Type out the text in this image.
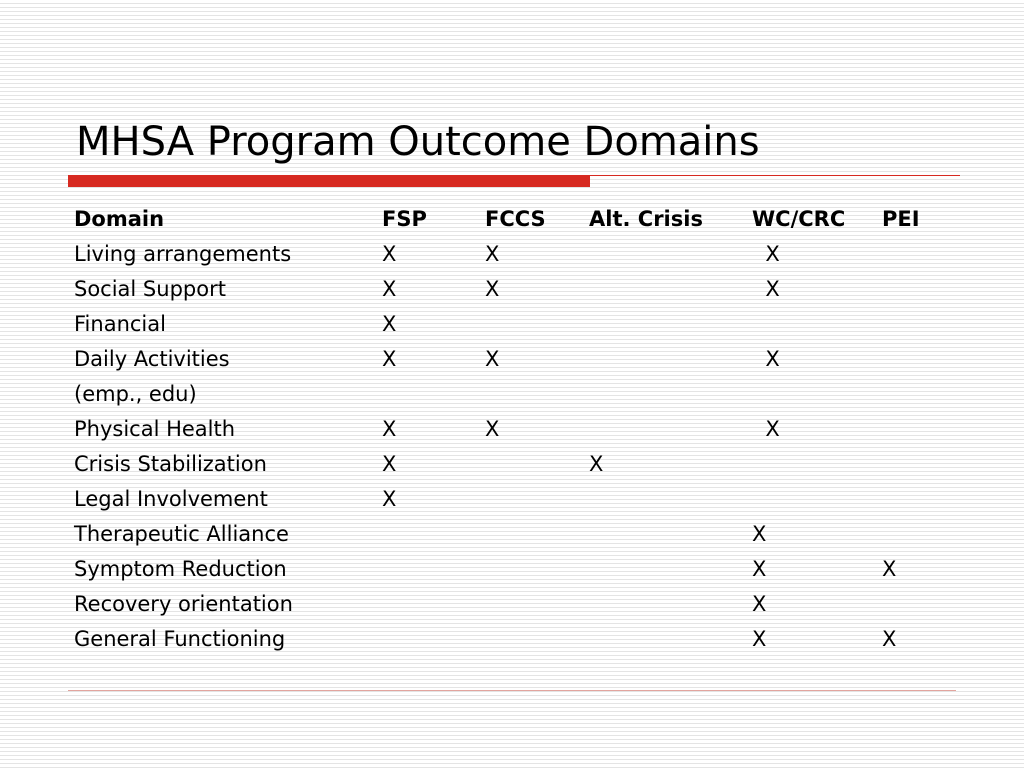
MHSA Program Outcome Domains
Domain	FSP	FCCS	Alt. Crisis	WC/CRC	PEI
Living arrangements	X	X		X	
Social Support	X	X		X	
Financial	X				
Daily Activities	X	X		X	
(emp., edu)					
Physical Health	X	X		X	
Crisis Stabilization	X		X		
Legal Involvement	X				
Therapeutic Alliance				X	
Symptom Reduction				X	X
Recovery orientation				X	
General Functioning				X	X
